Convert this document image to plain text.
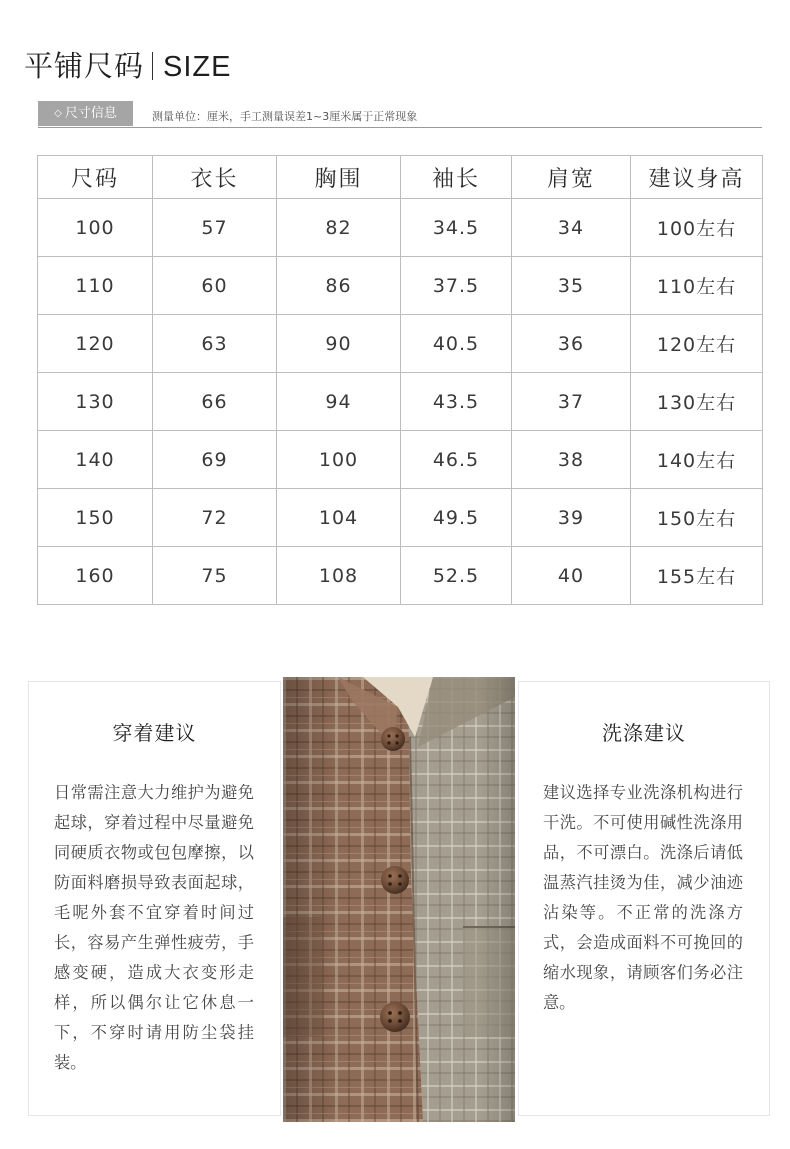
平铺尺码 SIZE
◇ 尺寸信息	测量单位：厘米，手工测量误差1~3厘米属于正常现象
尺码	衣长	胸围	袖长	肩宽	建议身高
100	57	82	34.5	34	100左右
110	60	86	37.5	35	110左右
120	63	90	40.5	36	120左右
130	66	94	43.5	37	130左右
140	69	100	46.5	38	140左右
150	72	104	49.5	39	150左右
160	75	108	52.5	40	155左右
穿着建议

日常需注意大力维护为避免起球，穿着过程中尽量避免同硬质衣物或包包摩擦，以防面料磨损导致表面起球，毛呢外套不宜穿着时间过长，容易产生弹性疲劳，手感变硬，造成大衣变形走样，所以偶尔让它休息一下，不穿时请用防尘袋挂装。

洗涤建议

建议选择专业洗涤机构进行干洗。不可使用碱性洗涤用品，不可漂白。洗涤后请低温蒸汽挂烫为佳，减少油迹沾染等。不正常的洗涤方式，会造成面料不可挽回的缩水现象，请顾客们务必注意。
